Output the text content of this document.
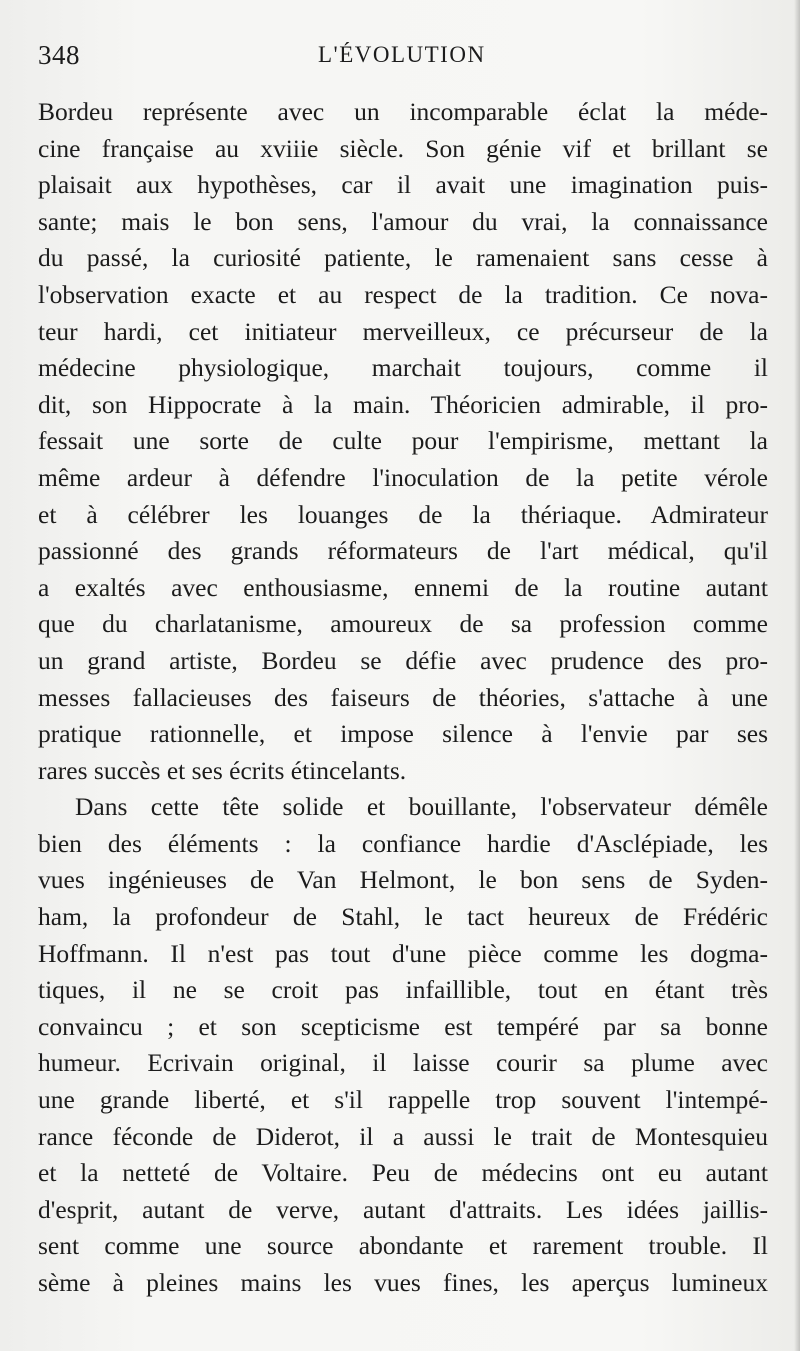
348	L'ÉVOLUTION
Bordeu représente avec un incomparable éclat la méde-
cine française au xviiie siècle. Son génie vif et brillant se
plaisait aux hypothèses, car il avait une imagination puis-
sante; mais le bon sens, l'amour du vrai, la connaissance
du passé, la curiosité patiente, le ramenaient sans cesse à
l'observation exacte et au respect de la tradition. Ce nova-
teur hardi, cet initiateur merveilleux, ce précurseur de la
médecine physiologique, marchait toujours, comme il
dit, son Hippocrate à la main. Théoricien admirable, il pro-
fessait une sorte de culte pour l'empirisme, mettant la
même ardeur à défendre l'inoculation de la petite vérole
et à célébrer les louanges de la thériaque. Admirateur
passionné des grands réformateurs de l'art médical, qu'il
a exaltés avec enthousiasme, ennemi de la routine autant
que du charlatanisme, amoureux de sa profession comme
un grand artiste, Bordeu se défie avec prudence des pro-
messes fallacieuses des faiseurs de théories, s'attache à une
pratique rationnelle, et impose silence à l'envie par ses
rares succès et ses écrits étincelants.
Dans cette tête solide et bouillante, l'observateur démêle
bien des éléments : la confiance hardie d'Asclépiade, les
vues ingénieuses de Van Helmont, le bon sens de Syden-
ham, la profondeur de Stahl, le tact heureux de Frédéric
Hoffmann. Il n'est pas tout d'une pièce comme les dogma-
tiques, il ne se croit pas infaillible, tout en étant très
convaincu ; et son scepticisme est tempéré par sa bonne
humeur. Ecrivain original, il laisse courir sa plume avec
une grande liberté, et s'il rappelle trop souvent l'intempé-
rance féconde de Diderot, il a aussi le trait de Montesquieu
et la netteté de Voltaire. Peu de médecins ont eu autant
d'esprit, autant de verve, autant d'attraits. Les idées jaillis-
sent comme une source abondante et rarement trouble. Il
sème à pleines mains les vues fines, les aperçus lumineux
